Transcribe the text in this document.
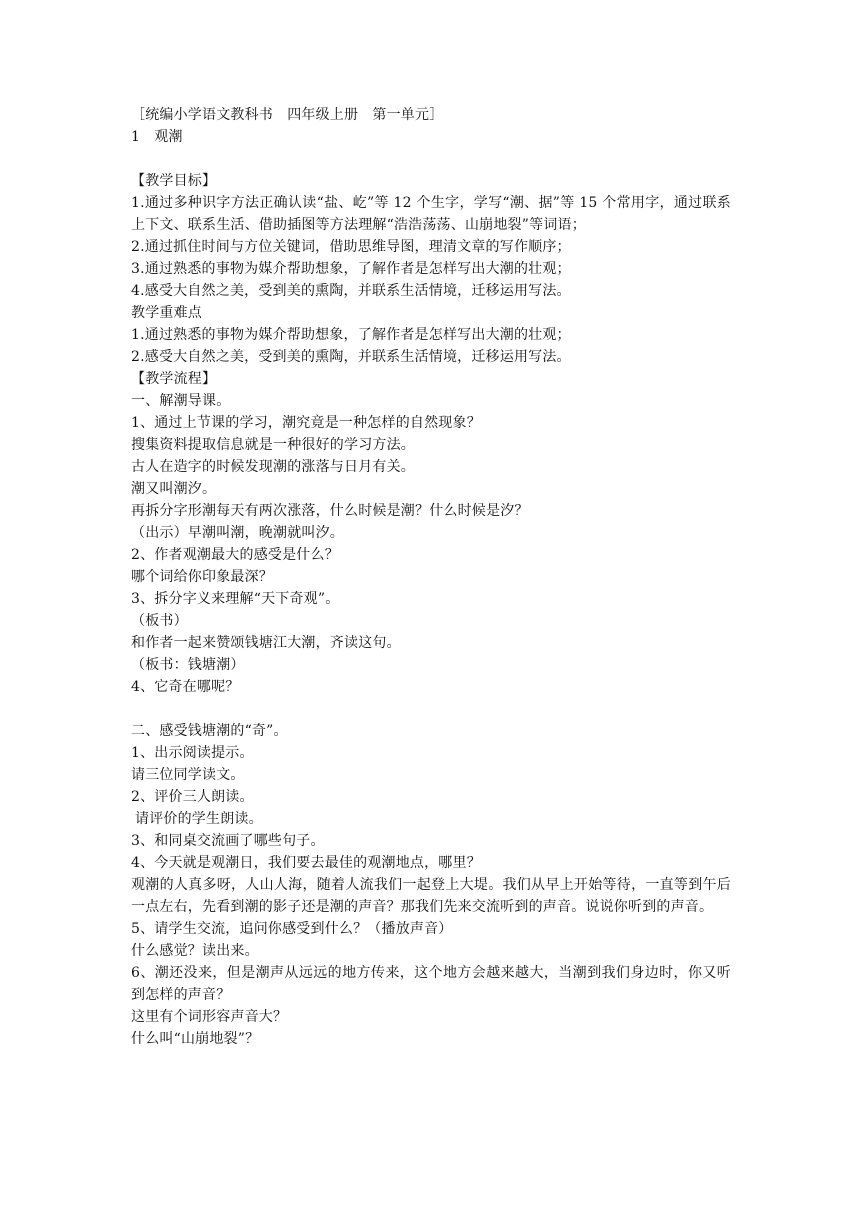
［统编小学语文教科书　四年级上册　第一单元］
1　观潮
【教学目标】
1.通过多种识字方法正确认读“盐、屹”等 12 个生字，学写“潮、据”等 15 个常用字，通过联系上下文、联系生活、借助插图等方法理解“浩浩荡荡、山崩地裂”等词语；
2.通过抓住时间与方位关键词，借助思维导图，理清文章的写作顺序；
3.通过熟悉的事物为媒介帮助想象，了解作者是怎样写出大潮的壮观；
4.感受大自然之美，受到美的熏陶，并联系生活情境，迁移运用写法。
教学重难点
1.通过熟悉的事物为媒介帮助想象，了解作者是怎样写出大潮的壮观；
2.感受大自然之美，受到美的熏陶，并联系生活情境，迁移运用写法。
【教学流程】
一、解潮导课。
1、通过上节课的学习，潮究竟是一种怎样的自然现象？
搜集资料提取信息就是一种很好的学习方法。
古人在造字的时候发现潮的涨落与日月有关。
潮又叫潮汐。
再拆分字形潮每天有两次涨落，什么时候是潮？什么时候是汐？
（出示）早潮叫潮，晚潮就叫汐。
2、作者观潮最大的感受是什么？
哪个词给你印象最深？
3、拆分字义来理解“天下奇观”。
（板书）
和作者一起来赞颂钱塘江大潮，齐读这句。
（板书：钱塘潮）
4、它奇在哪呢？
二、感受钱塘潮的“奇”。
1、出示阅读提示。
请三位同学读文。
2、评价三人朗读。
请评价的学生朗读。
3、和同桌交流画了哪些句子。
4、今天就是观潮日，我们要去最佳的观潮地点，哪里？
观潮的人真多呀，人山人海，随着人流我们一起登上大堤。我们从早上开始等待，一直等到午后一点左右，先看到潮的影子还是潮的声音？那我们先来交流听到的声音。说说你听到的声音。
5、请学生交流，追问你感受到什么？（播放声音）
什么感觉？读出来。
6、潮还没来，但是潮声从远远的地方传来，这个地方会越来越大，当潮到我们身边时，你又听到怎样的声音？
这里有个词形容声音大？
什么叫“山崩地裂”？
